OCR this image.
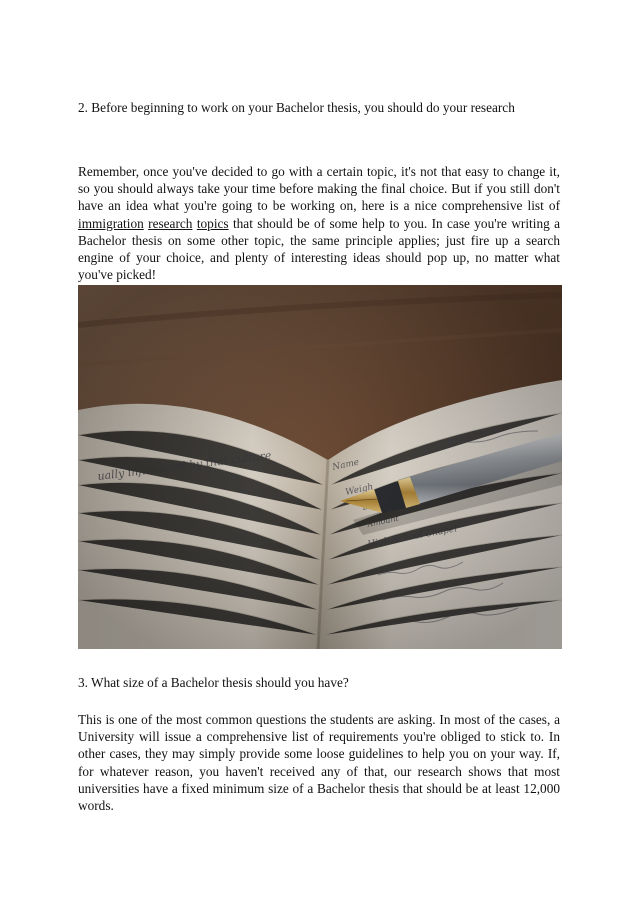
2. Before beginning to work on your Bachelor thesis, you should do your research

Remember, once you've decided to go with a certain topic, it's not that easy to change it, so you should always take your time before making the final choice. But if you still don't have an idea what you're going to be working on, here is a nice comprehensive list of immigration research topics that should be of some help to you. In case you're writing a Bachelor thesis on some other topic, the same principle applies; just fire up a search engine of your choice, and plenty of interesting ideas should pop up, no matter what you've picked!

3. What size of a Bachelor thesis should you have?

This is one of the most common questions the students are asking. In most of the cases, a University will issue a comprehensive list of requirements you're obliged to stick to. In other cases, they may simply provide some loose guidelines to help you on your way. If, for whatever reason, you haven't received any of that, our research shows that most universities have a fixed minimum size of a Bachelor thesis that should be at least 12,000 words.
